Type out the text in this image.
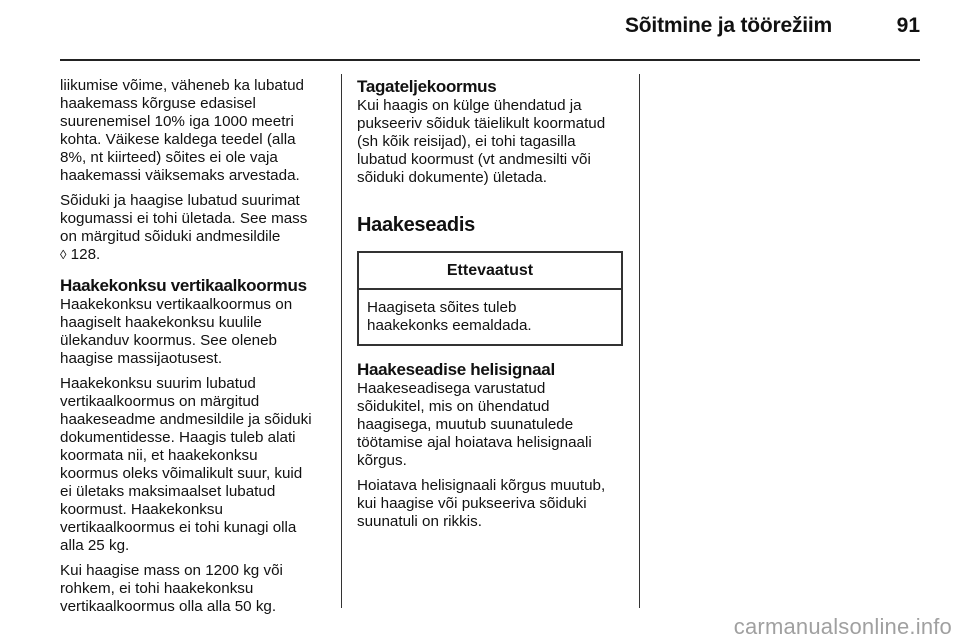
Sõitmine ja töörežiim	91

liikumise võime, väheneb ka lubatud
haakemass kõrguse edasisel
suurenemisel 10% iga 1000 meetri
kohta. Väikese kaldega teedel (alla
8%, nt kiirteed) sõites ei ole vaja
haakemassi väiksemaks arvestada.

Sõiduki ja haagise lubatud suurimat
kogumassi ei tohi ületada. See mass
on märgitud sõiduki andmesildile
◊ 128.

Haakekonksu vertikaalkoormus

Haakekonksu vertikaalkoormus on
haagiselt haakekonksu kuulile
ülekanduv koormus. See oleneb
haagise massijaotusest.

Haakekonksu suurim lubatud
vertikaalkoormus on märgitud
haakeseadme andmesildile ja sõiduki
dokumentidesse. Haagis tuleb alati
koormata nii, et haakekonksu
koormus oleks võimalikult suur, kuid
ei ületaks maksimaalset lubatud
koormust. Haakekonksu
vertikaalkoormus ei tohi kunagi olla
alla 25 kg.

Kui haagise mass on 1200 kg või
rohkem, ei tohi haakekonksu
vertikaalkoormus olla alla 50 kg.

Tagateljekoormus

Kui haagis on külge ühendatud ja
pukseeriv sõiduk täielikult koormatud
(sh kõik reisijad), ei tohi tagasilla
lubatud koormust (vt andmesilti või
sõiduki dokumente) ületada.

Haakeseadis
Ettevaatust
Haagiseta sõites tuleb
haakekonks eemaldada.
Haakeseadise helisignaal

Haakeseadisega varustatud
sõidukitel, mis on ühendatud
haagisega, muutub suunatulede
töötamise ajal hoiatava helisignaali
kõrgus.

Hoiatava helisignaali kõrgus muutub,
kui haagise või pukseeriva sõiduki
suunatuli on rikkis.

carmanualsonline.info
